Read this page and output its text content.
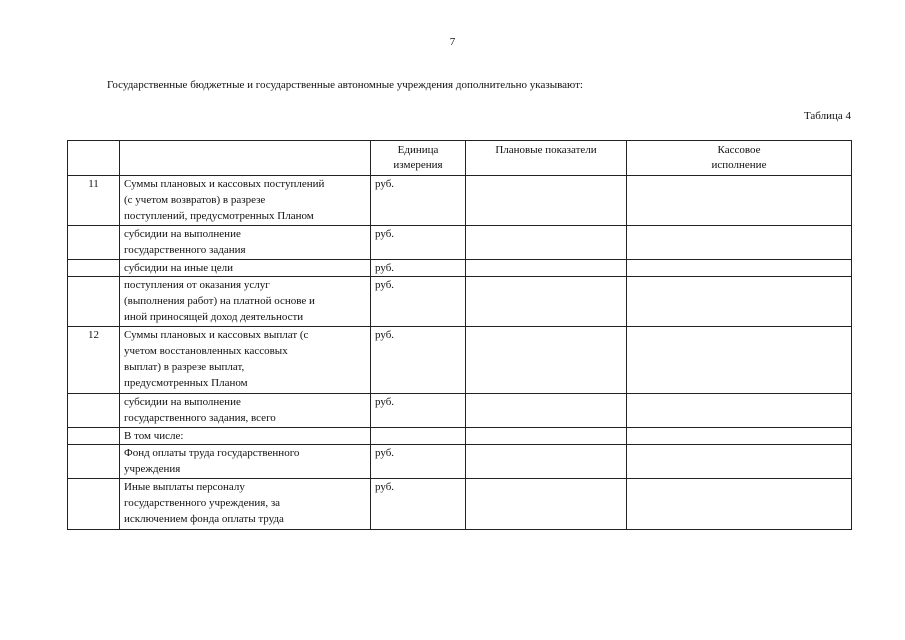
7
Государственные бюджетные и государственные автономные учреждения дополнительно указывают:
Таблица 4

		Единица
измерения	Плановые показатели	Кассовое
исполнение

11	Суммы плановых и кассовых поступлений
(с учетом возвратов) в разрезе
поступлений, предусмотренных Планом	руб.		
	субсидии на выполнение
государственного задания	руб.		
	субсидии на иные цели	руб.		
	поступления от оказания услуг
(выполнения работ) на платной основе и
иной приносящей доход деятельности	руб.		
12	Суммы плановых и кассовых выплат (с
учетом восстановленных кассовых
выплат) в разрезе выплат,
предусмотренных Планом	руб.		
	субсидии на выполнение
государственного задания, всего	руб.		
	В том числе:			
	Фонд оплаты труда государственного
учреждения	руб.		
	Иные выплаты персоналу
государственного учреждения, за
исключением фонда оплаты труда	руб.		
